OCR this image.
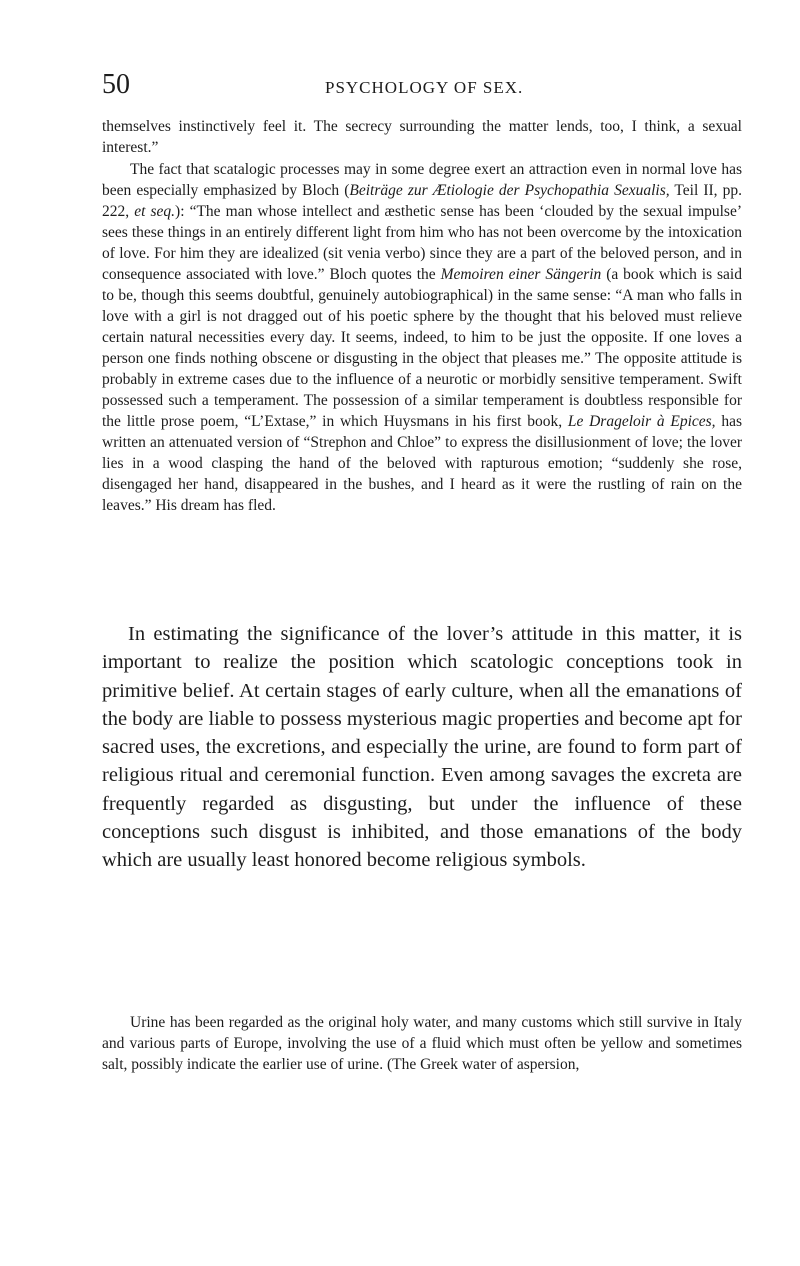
50	PSYCHOLOGY OF SEX.

themselves instinctively feel it. The secrecy surrounding the matter lends, too, I think, a sexual interest.”

The fact that scatalogic processes may in some degree exert an attraction even in normal love has been especially emphasized by Bloch (Beiträge zur Ætiologie der Psychopathia Sexualis, Teil II, pp. 222, et seq.): “The man whose intellect and æsthetic sense has been ‘clouded by the sexual impulse’ sees these things in an entirely different light from him who has not been overcome by the intoxication of love. For him they are idealized (sit venia verbo) since they are a part of the beloved person, and in consequence associated with love.” Bloch quotes the Memoiren einer Sängerin (a book which is said to be, though this seems doubtful, genuinely autobiographical) in the same sense: “A man who falls in love with a girl is not dragged out of his poetic sphere by the thought that his beloved must relieve certain natural necessities every day. It seems, indeed, to him to be just the opposite. If one loves a person one finds nothing obscene or disgusting in the object that pleases me.” The opposite attitude is probably in extreme cases due to the influence of a neurotic or morbidly sensitive temperament. Swift possessed such a temperament. The possession of a similar temperament is doubtless responsible for the little prose poem, “L’Extase,” in which Huysmans in his first book, Le Drageloir à Epices, has written an attenuated version of “Strephon and Chloe” to express the disillusionment of love; the lover lies in a wood clasping the hand of the beloved with rapturous emotion; “suddenly she rose, disengaged her hand, disappeared in the bushes, and I heard as it were the rustling of rain on the leaves.” His dream has fled.

In estimating the significance of the lover’s attitude in this matter, it is important to realize the position which scatologic conceptions took in primitive belief. At certain stages of early culture, when all the emanations of the body are liable to possess mysterious magic properties and become apt for sacred uses, the excretions, and especially the urine, are found to form part of religious ritual and ceremonial function. Even among savages the excreta are frequently regarded as disgusting, but under the influence of these conceptions such disgust is inhibited, and those emanations of the body which are usually least honored become religious symbols.

Urine has been regarded as the original holy water, and many customs which still survive in Italy and various parts of Europe, involving the use of a fluid which must often be yellow and sometimes salt, possibly indicate the earlier use of urine. (The Greek water of aspersion,
